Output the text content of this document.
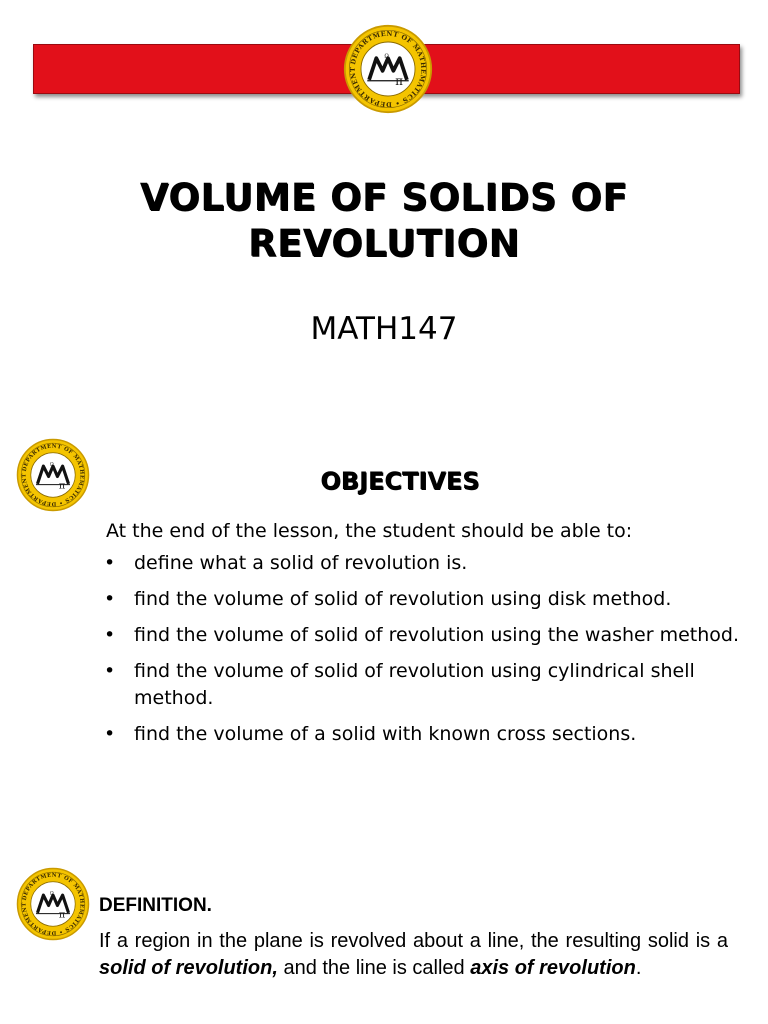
VOLUME OF SOLIDS OF
REVOLUTION
MATH147
OBJECTIVES

At the end of the lesson, the student should be able to:

• define what a solid of revolution is.
• find the volume of solid of revolution using disk method.
• find the volume of solid of revolution using the washer method.
• find the volume of solid of revolution using cylindrical shell method.
• find the volume of a solid with known cross sections.
DEFINITION.

If a region in the plane is revolved about a line, the resulting solid is a solid of revolution, and the line is called axis of revolution.
